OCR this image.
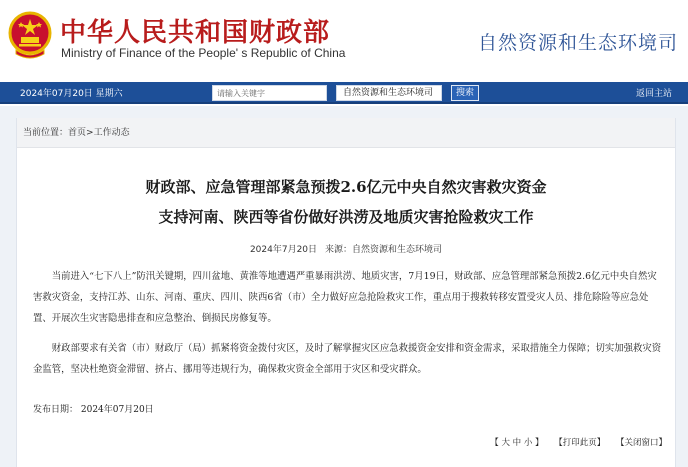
中华人民共和国财政部
Ministry of Finance of the People' s Republic of China	自然资源和生态环境司
2024年07月20日 星期六
请输入关键字	自然资源和生态环境司	搜索	返回主站
当前位置：首页>工作动态
财政部、应急管理部紧急预拨2.6亿元中央自然灾害救灾资金
支持河南、陕西等省份做好洪涝及地质灾害抢险救灾工作
2024年7月20日 来源：自然资源和生态环境司

当前进入“七下八上”防汛关键期，四川盆地、黄淮等地遭遇严重暴雨洪涝、地质灾害，7月19日，财政部、应急管理部紧急预拨2.6亿元中央自然灾害救灾资金，支持江苏、山东、河南、重庆、四川、陕西6省（市）全力做好应急抢险救灾工作，重点用于搜救转移安置受灾人员、排危除险等应急处置、开展次生灾害隐患排查和应急整治、倒损民房修复等。

财政部要求有关省（市）财政厅（局）抓紧将资金拨付灾区，及时了解掌握灾区应急救援资金安排和资金需求，采取措施全力保障；切实加强救灾资金监管，坚决杜绝资金滞留、挤占、挪用等违规行为，确保救灾资金全部用于灾区和受灾群众。

发布日期： 2024年07月20日
【 大 中 小 】 【打印此页】 【关闭窗口】
